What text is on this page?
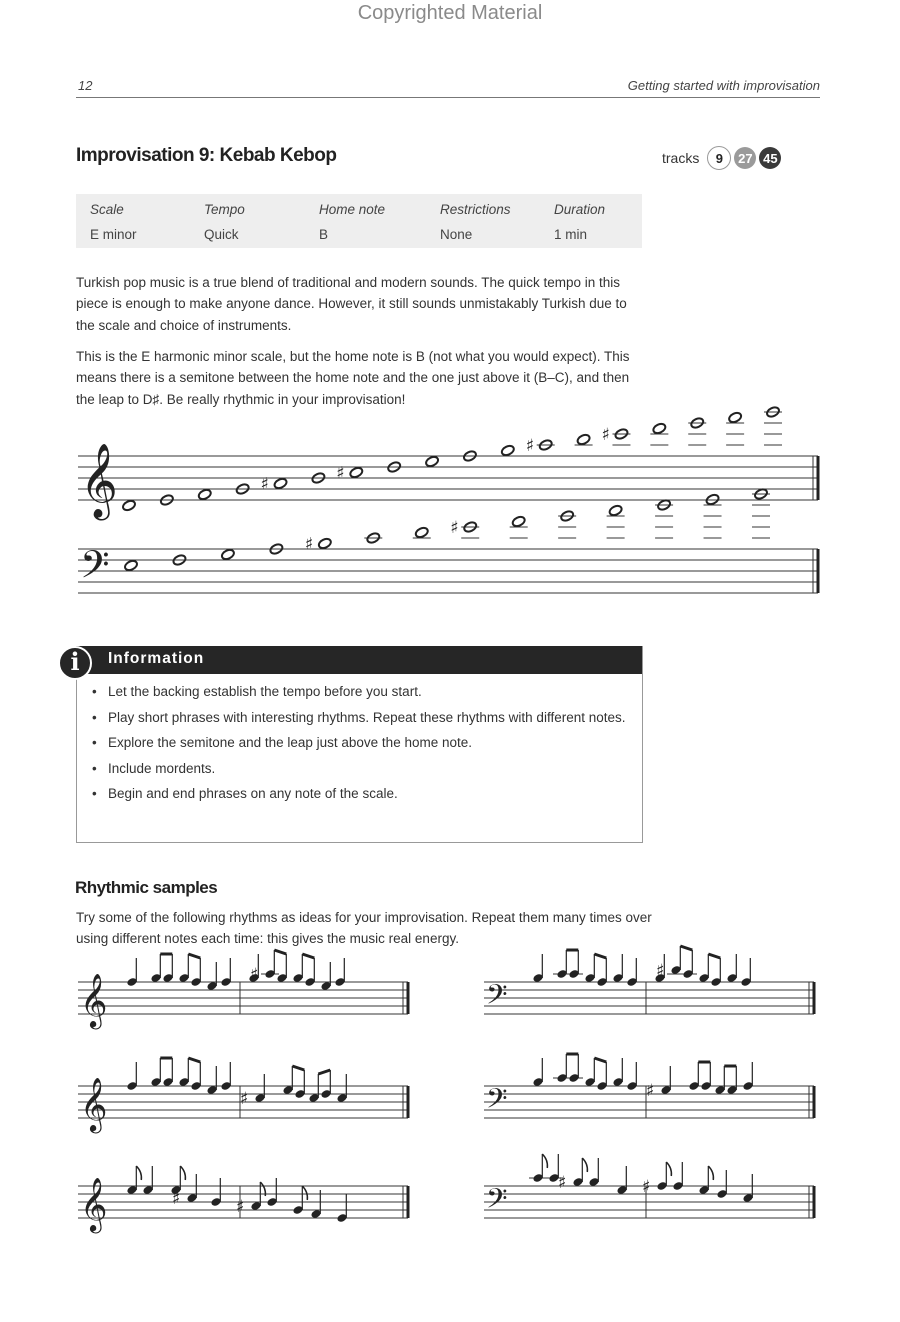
Copyrighted Material
12	Getting started with improvisation
Improvisation 9: Kebab Kebop	tracks	9	27 45
Scale	Tempo	Home note	Restrictions	Duration
E minor	Quick	B	None	1 min

Turkish pop music is a true blend of traditional and modern sounds. The quick tempo in this piece is enough to make anyone dance. However, it still sounds unmistakably Turkish due to the scale and choice of instruments.

This is the E harmonic minor scale, but the home note is B (not what you would expect). This means there is a semitone between the home note and the one just above it (B–C), and then the leap to D♯. Be really rhythmic in your improvisation!

𝄞	♯
♯
♯
♯
𝄢	♯
♯
i	Information
• Let the backing establish the tempo before you start.
• Play short phrases with interesting rhythms. Repeat these rhythms with different notes.
• Explore the semitone and the leap just above the home note.
• Include mordents.
• Begin and end phrases on any note of the scale.
Rhythmic samples

Try some of the following rhythms as ideas for your improvisation. Repeat them many times over using different notes each time: this gives the music real energy.

𝄞	♯
𝄢
♯
𝄞	♯	𝄢	♯
𝄞	♯	♯	𝄢	♯	♯
